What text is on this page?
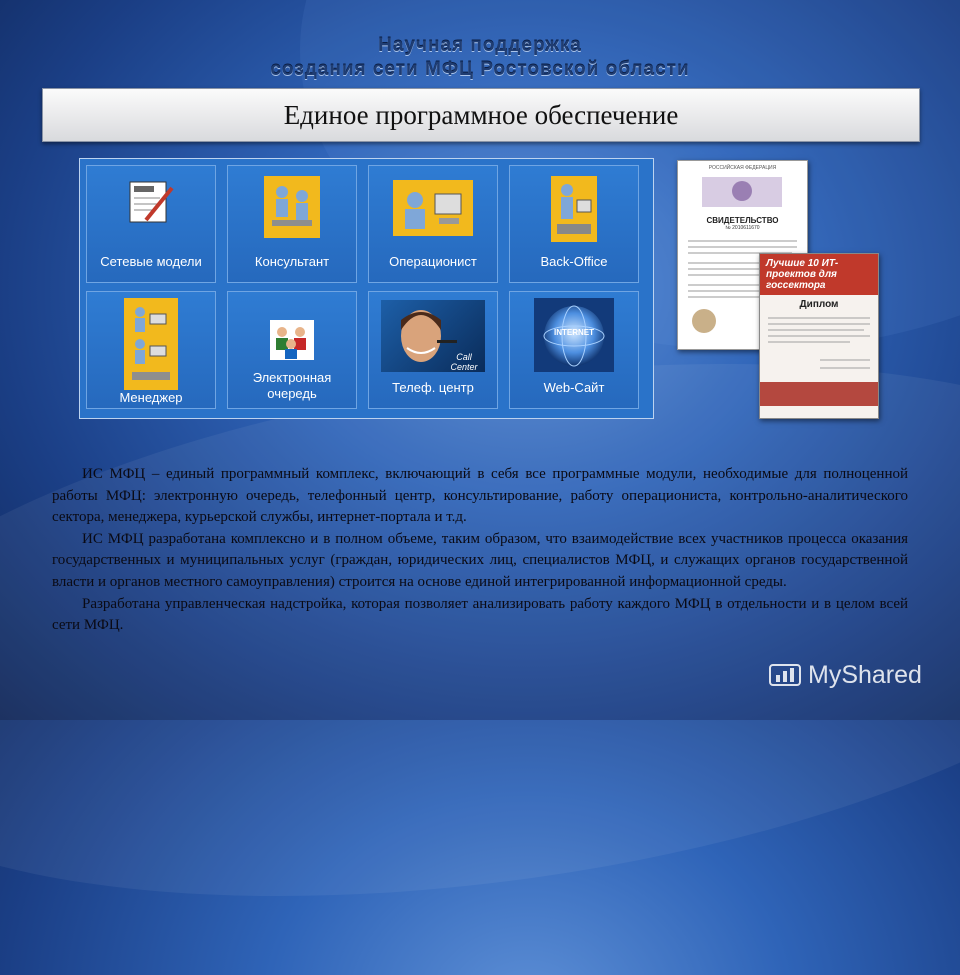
Научная поддержка
создания сети МФЦ Ростовской области
Единое программное обеспечение
Сетевые модели	Консультант	Операционист	Back-Office
Менеджер
Электронная
очередь
Call Center
Телеф. центр
INTERNET
Web-Сайт
РОССИЙСКАЯ ФЕДЕРАЦИЯ
СВИДЕТЕЛЬСТВО
№ 2010611670
Лучшие 10 ИТ-проектов для госсектора
Диплом

ИС МФЦ – единый программный комплекс, включающий в себя все программные модули, необходимые для полноценной работы МФЦ: электронную очередь, телефонный центр, консультирование, работу операциониста, контрольно-аналитического сектора, менеджера, курьерской службы, интернет-портала и т.д.

ИС МФЦ разработана комплексно и в полном объеме, таким образом, что взаимодействие всех участников процесса оказания государственных и муниципальных услуг (граждан, юридических лиц, специалистов МФЦ, и служащих органов государственной власти и органов местного самоуправления) строится на основе единой интегрированной информационной среды.

Разработана управленческая надстройка, которая позволяет анализировать работу каждого МФЦ в отдельности и в целом всей сети МФЦ.

MyShared
